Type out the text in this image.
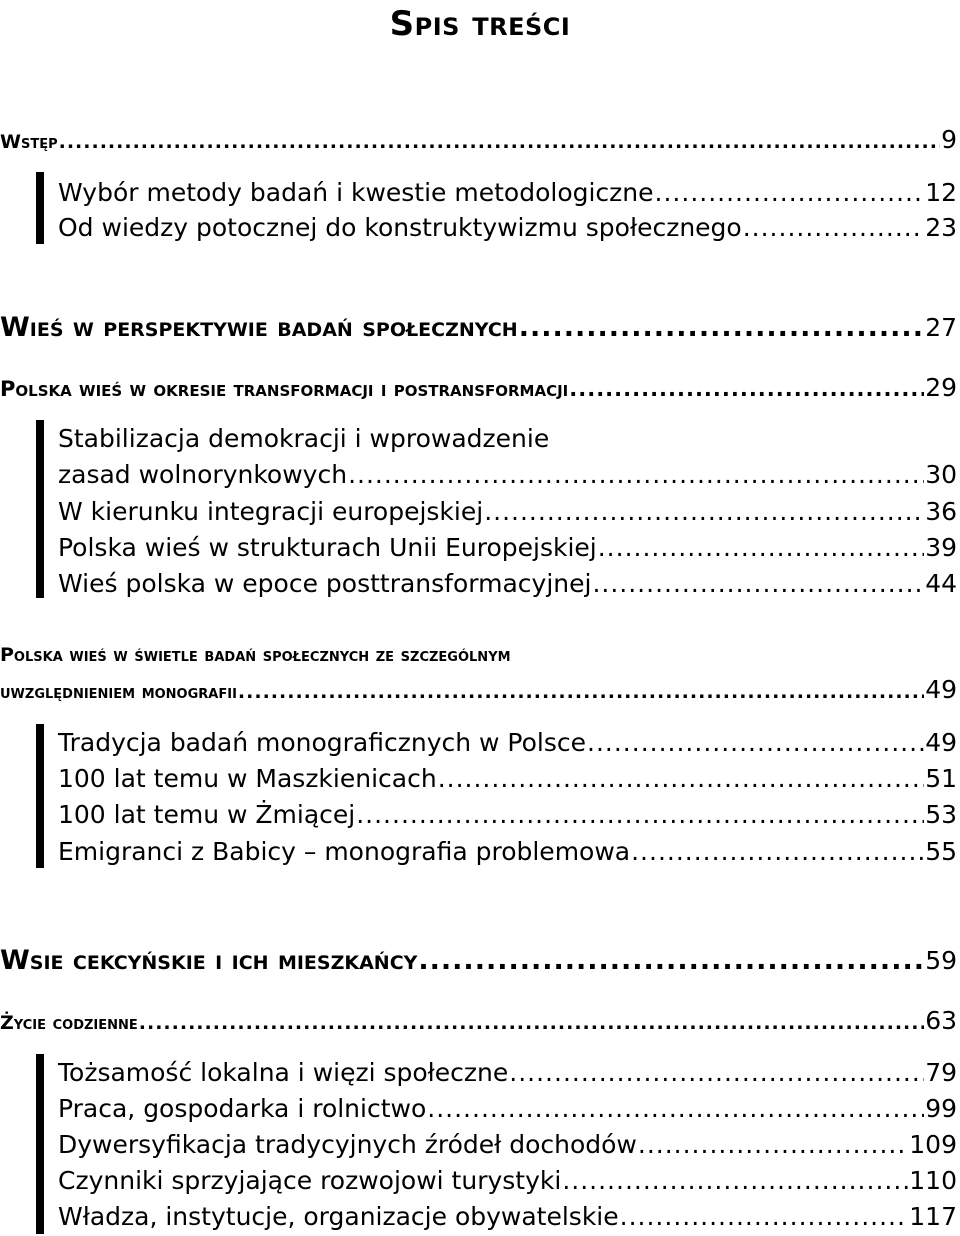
Spis treści
Wstęp .....	9
Wybór metody badań i kwestie metodologiczne .....	12
Od wiedzy potocznej do konstruktywizmu społecznego .....	23
Wieś w perspektywie badań społecznych .....	27
Polska wieś w okresie transformacji i postransformacji .....	29
Stabilizacja demokracji i wprowadzenie
zasad wolnorynkowych .....	30
W kierunku integracji europejskiej .....	36
Polska wieś w strukturach Unii Europejskiej .....	39
Wieś polska w epoce posttransformacyjnej .....	44
Polska wieś w świetle badań społecznych ze szczególnym
uwzględnieniem monografii .....	49
Tradycja badań monograficznych w Polsce .....	49
100 lat temu w Maszkienicach .....	51
100 lat temu w Żmiącej .....	53
Emigranci z Babicy – monografia problemowa .....	55
Wsie cekcyńskie i ich mieszkańcy .....	59
Życie codzienne .....	63
Tożsamość lokalna i więzi społeczne .....	79
Praca, gospodarka i rolnictwo .....	99
Dywersyfikacja tradycyjnych źródeł dochodów .....	109
Czynniki sprzyjające rozwojowi turystyki .....	110
Władza, instytucje, organizacje obywatelskie .....	117
